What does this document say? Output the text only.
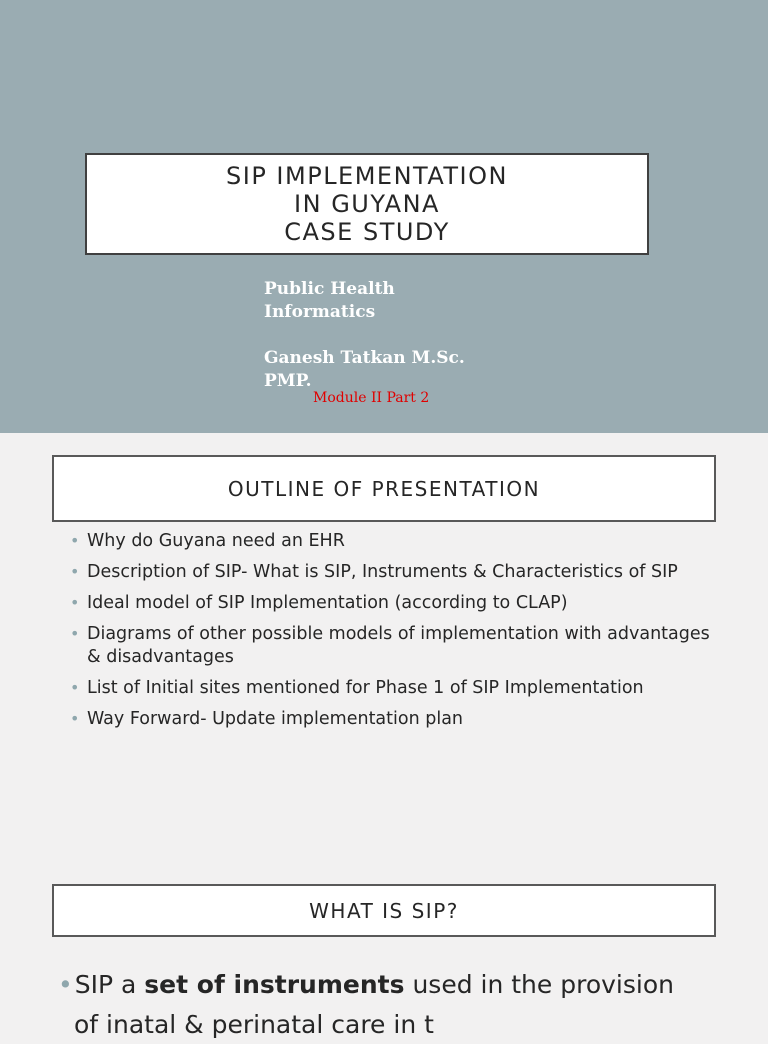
SIP IMPLEMENTATION
IN GUYANA
CASE STUDY
Public Health
Informatics
Ganesh Tatkan M.Sc.
PMP.
Module II Part 2
OUTLINE OF PRESENTATION
• Why do Guyana need an EHR
• Description of SIP- What is SIP, Instruments & Characteristics of SIP
• Ideal model of SIP Implementation (according to CLAP)
• Diagrams of other possible models of implementation with advantages & disadvantages
• List of Initial sites mentioned for Phase 1 of SIP Implementation
• Way Forward- Update implementation plan
WHAT IS SIP?
•SIP a set of instruments used in the provision
of inatal & perinatal care in t
